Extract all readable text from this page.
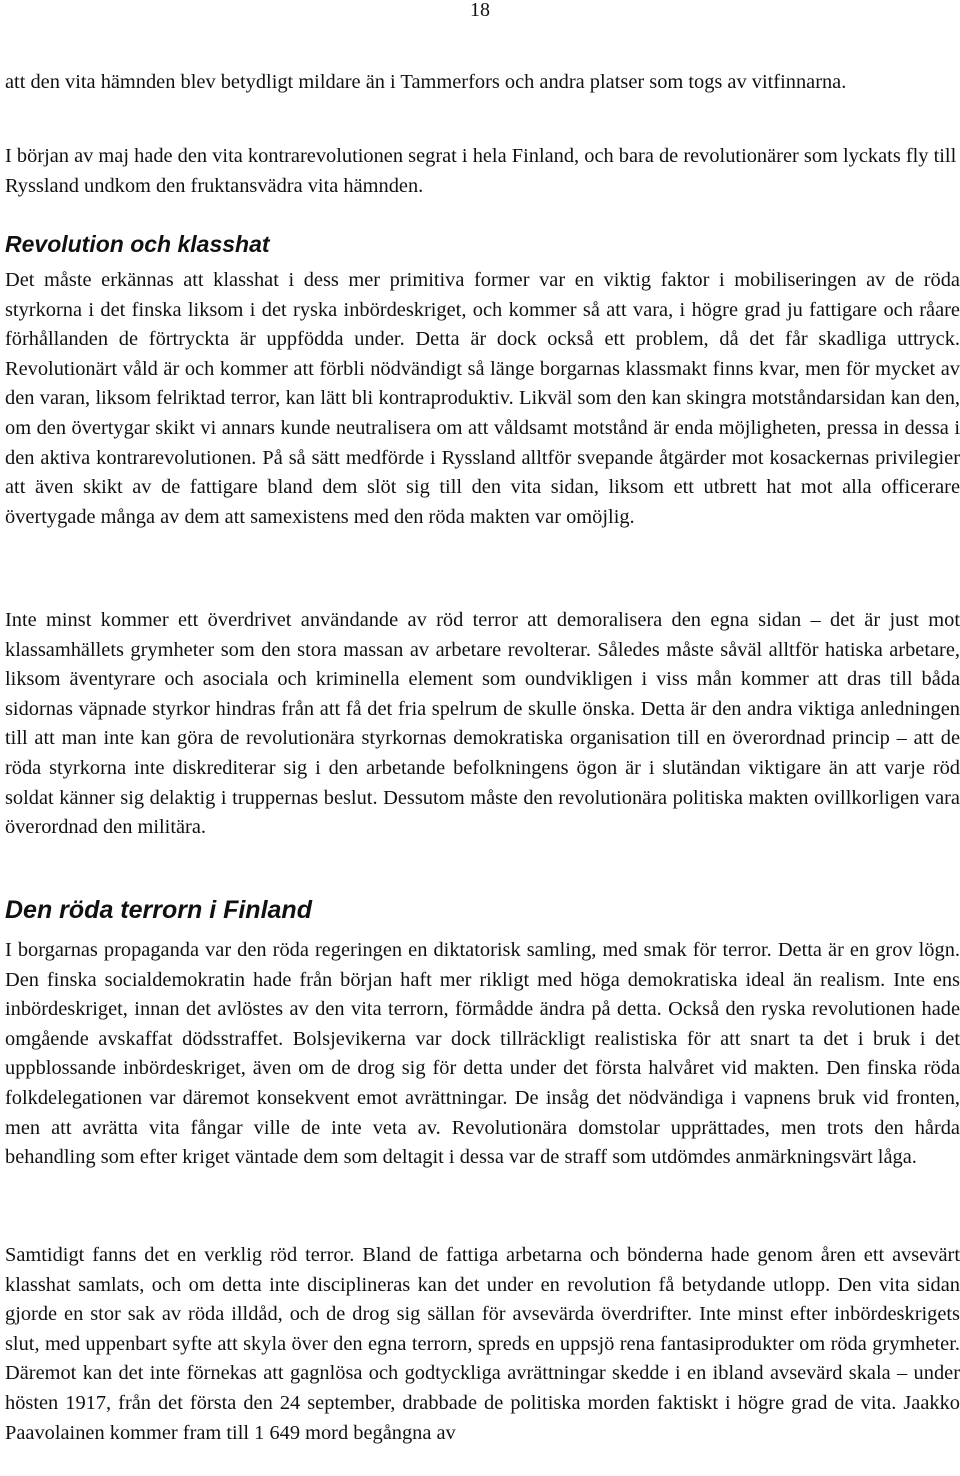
18

att den vita hämnden blev betydligt mildare än i Tammerfors och andra platser som togs av vitfinnarna.

I början av maj hade den vita kontrarevolutionen segrat i hela Finland, och bara de revolutionärer som lyckats fly till Ryssland undkom den fruktansvädra vita hämnden.

Revolution och klasshat

Det måste erkännas att klasshat i dess mer primitiva former var en viktig faktor i mobiliseringen av de röda styrkorna i det finska liksom i det ryska inbördeskriget, och kommer så att vara, i högre grad ju fattigare och råare förhållanden de förtryckta är uppfödda under. Detta är dock också ett problem, då det får skadliga uttryck. Revolutionärt våld är och kommer att förbli nödvändigt så länge borgarnas klassmakt finns kvar, men för mycket av den varan, liksom felriktad terror, kan lätt bli kontraproduktiv. Likväl som den kan skingra motståndarsidan kan den, om den övertygar skikt vi annars kunde neutralisera om att våldsamt motstånd är enda möjligheten, pressa in dessa i den aktiva kontrarevolutionen. På så sätt medförde i Ryssland alltför svepande åtgärder mot kosackernas privilegier att även skikt av de fattigare bland dem slöt sig till den vita sidan, liksom ett utbrett hat mot alla officerare övertygade många av dem att samexistens med den röda makten var omöjlig.

Inte minst kommer ett överdrivet användande av röd terror att demoralisera den egna sidan – det är just mot klassamhällets grymheter som den stora massan av arbetare revolterar. Således måste såväl alltför hatiska arbetare, liksom äventyrare och asociala och kriminella element som oundvikligen i viss mån kommer att dras till båda sidornas väpnade styrkor hindras från att få det fria spelrum de skulle önska. Detta är den andra viktiga anledningen till att man inte kan göra de revolutionära styrkornas demokratiska organisation till en överordnad princip – att de röda styrkorna inte diskrediterar sig i den arbetande befolkningens ögon är i slutändan viktigare än att varje röd soldat känner sig delaktig i truppernas beslut. Dessutom måste den revolutionära politiska makten ovillkorligen vara överordnad den militära.

Den röda terrorn i Finland

I borgarnas propaganda var den röda regeringen en diktatorisk samling, med smak för terror. Detta är en grov lögn. Den finska socialdemokratin hade från början haft mer rikligt med höga demokratiska ideal än realism. Inte ens inbördeskriget, innan det avlöstes av den vita terrorn, förmådde ändra på detta. Också den ryska revolutionen hade omgående avskaffat dödsstraffet. Bolsjevikerna var dock tillräckligt realistiska för att snart ta det i bruk i det uppblossande inbördeskriget, även om de drog sig för detta under det första halvåret vid makten. Den finska röda folkdelegationen var däremot konsekvent emot avrättningar. De insåg det nödvändiga i vapnens bruk vid fronten, men att avrätta vita fångar ville de inte veta av. Revolutionära domstolar upprättades, men trots den hårda behandling som efter kriget väntade dem som deltagit i dessa var de straff som utdömdes anmärkningsvärt låga.

Samtidigt fanns det en verklig röd terror. Bland de fattiga arbetarna och bönderna hade genom åren ett avsevärt klasshat samlats, och om detta inte disciplineras kan det under en revolution få betydande utlopp. Den vita sidan gjorde en stor sak av röda illdåd, och de drog sig sällan för avsevärda överdrifter. Inte minst efter inbördeskrigets slut, med uppenbart syfte att skyla över den egna terrorn, spreds en uppsjö rena fantasiprodukter om röda grymheter. Däremot kan det inte förnekas att gagnlösa och godtyckliga avrättningar skedde i en ibland avsevärd skala – under hösten 1917, från det första den 24 september, drabbade de politiska morden faktiskt i högre grad de vita. Jaakko Paavolainen kommer fram till 1 649 mord begångna av
